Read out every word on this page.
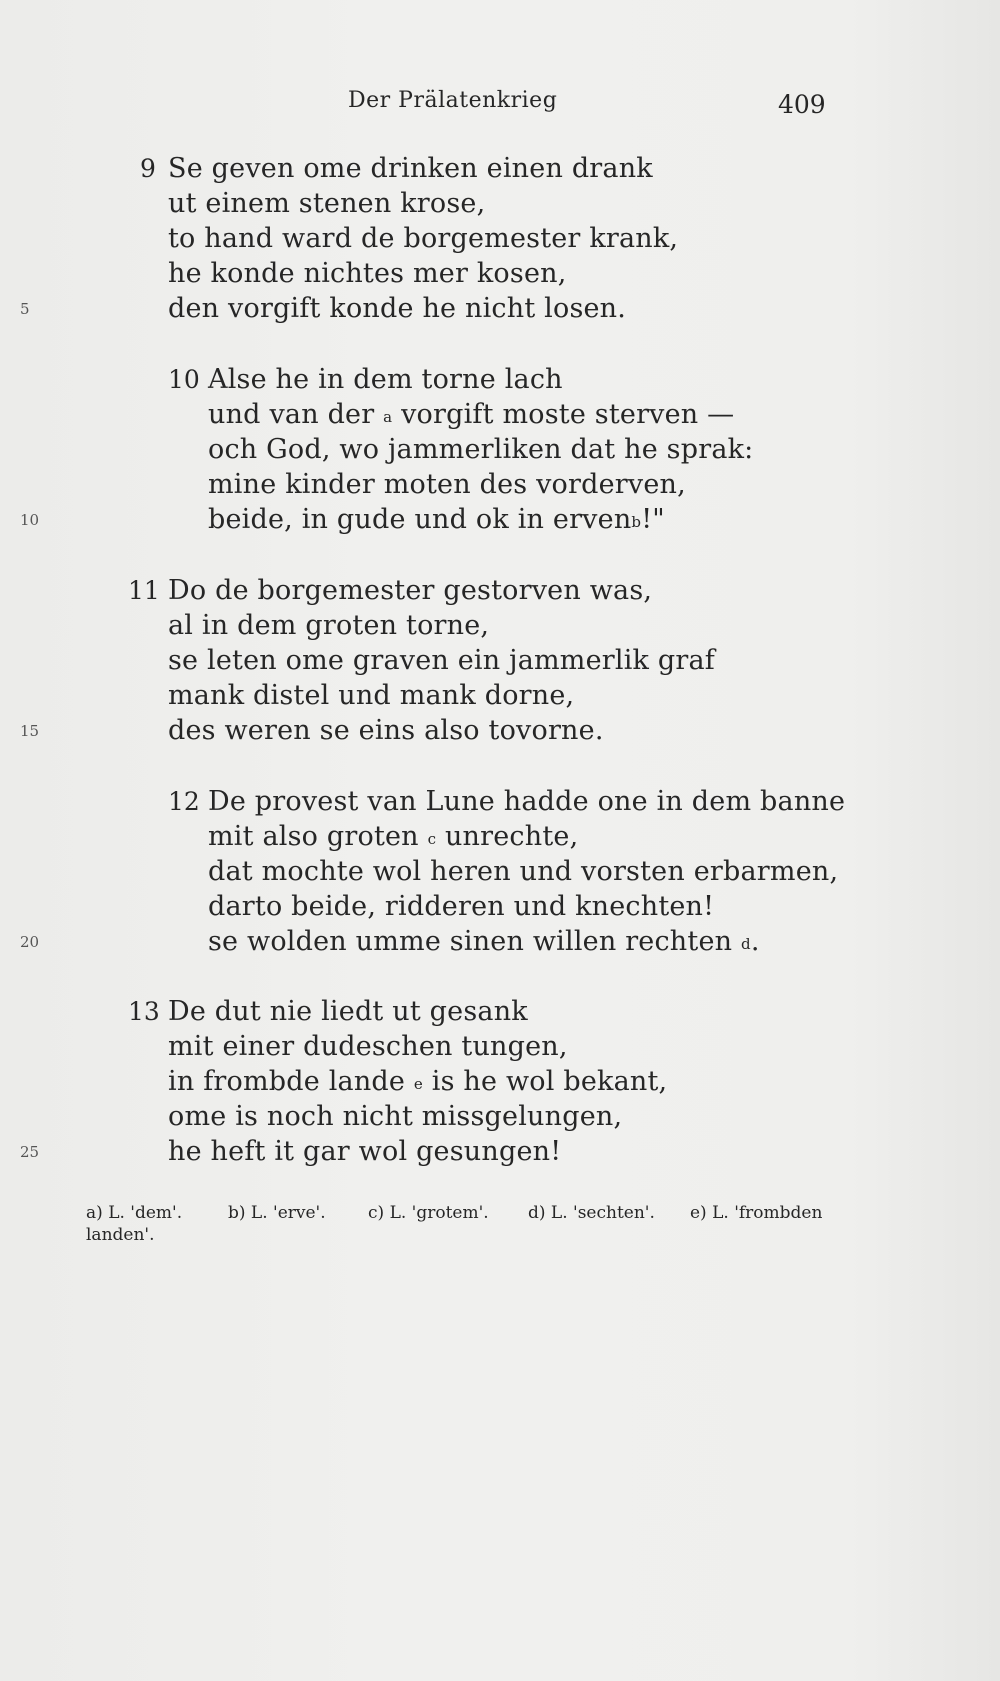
Der Prälatenkrieg	409
9 Se geven ome drinken einen drank
ut einem stenen krose,
to hand ward de borgemester krank,
he konde nichtes mer kosen,
den vorgift konde he nicht losen.
10 Alse he in dem torne lach
und van der a vorgift moste sterven —
och God, wo jammerliken dat he sprak:
mine kinder moten des vorderven,
beide, in gude und ok in ervenb!"
11 Do de borgemester gestorven was,
al in dem groten torne,
se leten ome graven ein jammerlik graf
mank distel und mank dorne,
des weren se eins also tovorne.
12 De provest van Lune hadde one in dem banne
mit also groten c unrechte,
dat mochte wol heren und vorsten erbarmen,
darto beide, ridderen und knechten!
se wolden umme sinen willen rechten d.
13 De dut nie liedt ut gesank
mit einer dudeschen tungen,
in frombde lande e is he wol bekant,
ome is noch nicht missgelungen,
he heft it gar wol gesungen!
5
10
15
20
25
a) L. 'dem'.	b) L. 'erve'. c) L. 'grotem'. d) L. 'sechten'. e) L. 'frombden
landen'.
